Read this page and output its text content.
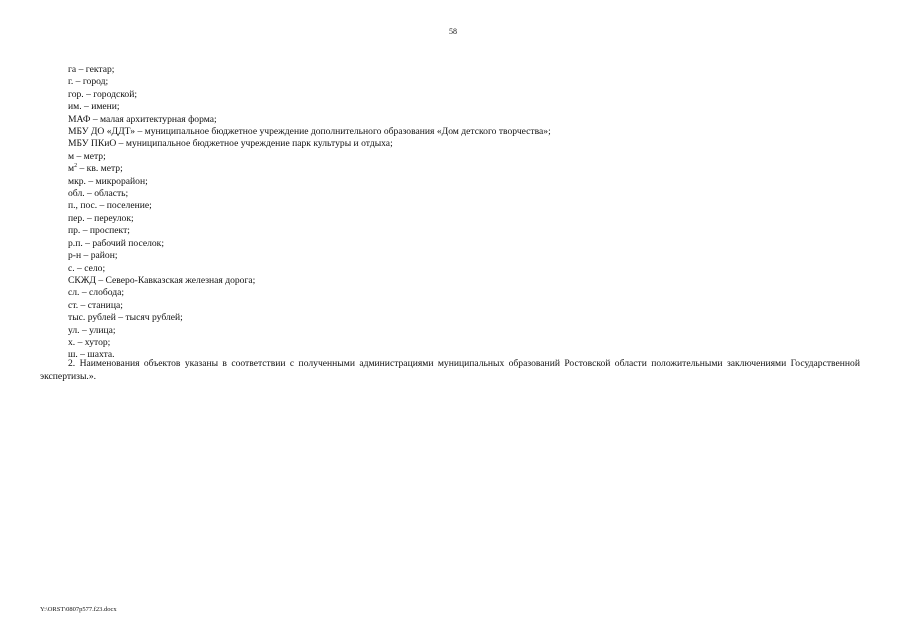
58
га – гектар;
г. – город;
гор. – городской;
им. – имени;
МАФ – малая архитектурная форма;
МБУ ДО «ДДТ» – муниципальное бюджетное учреждение дополнительного образования «Дом детского творчества»;
МБУ ПКиО – муниципальное бюджетное учреждение парк культуры и отдыха;
м – метр;
$м^2$ – кв. метр;
мкр. – микрорайон;
обл. – область;
п., пос. – поселение;
пер. – переулок;
пр. – проспект;
р.п. – рабочий поселок;
р-н – район;
с. – село;
СКЖД – Северо-Кавказская железная дорога;
сл. – слобода;
ст. – станица;
тыс. рублей – тысяч рублей;
ул. – улица;
х. – хутор;
ш. – шахта.

2. Наименования объектов указаны в соответствии с полученными администрациями муниципальных образований Ростовской области положительными заключениями Государственной экспертизы.».

Y:\ORST\0807p577.f23.docx
